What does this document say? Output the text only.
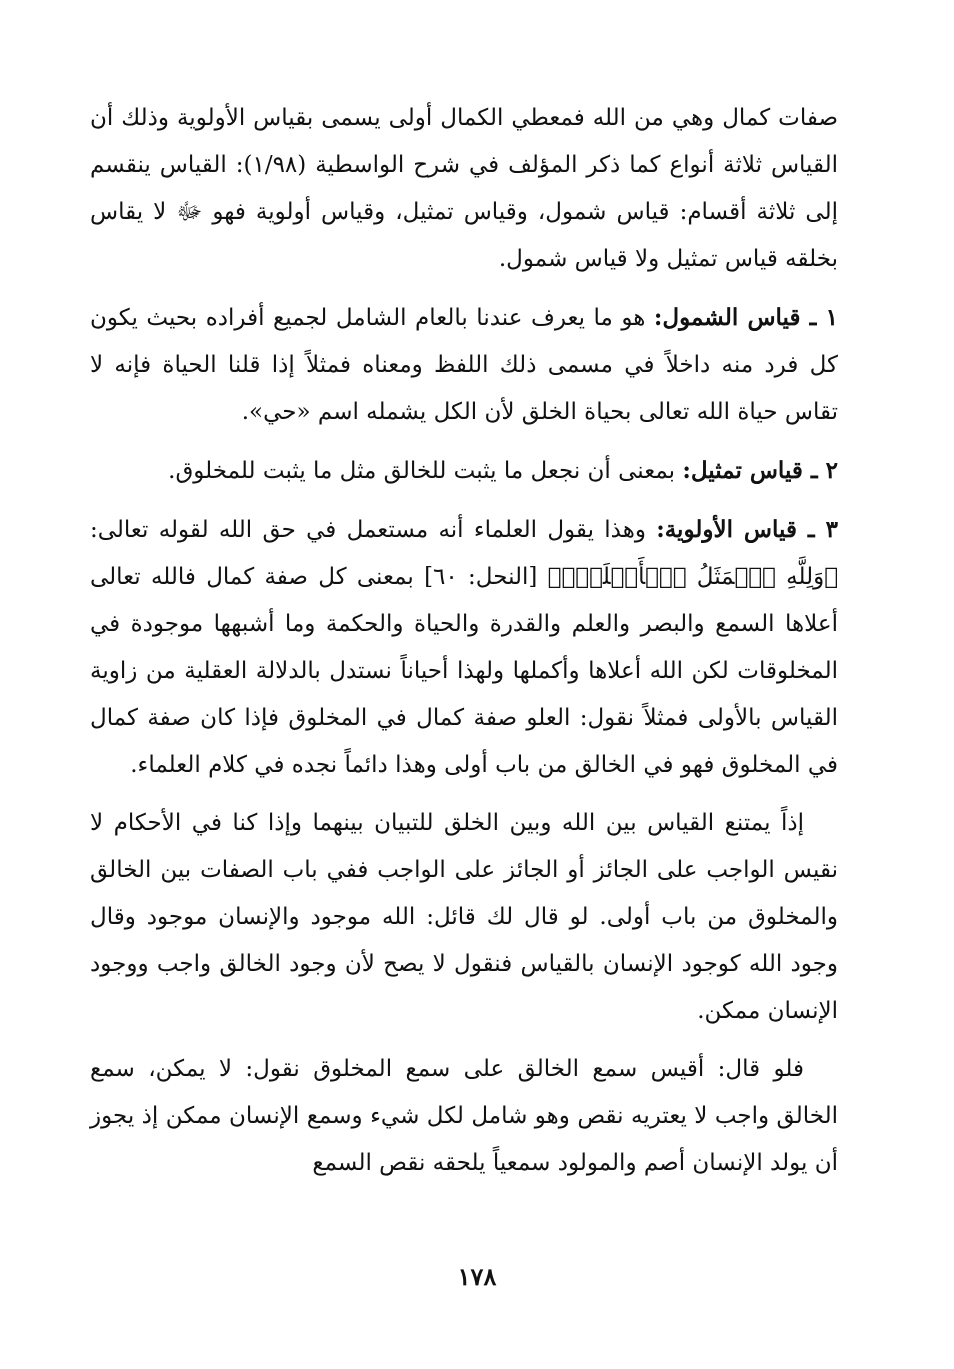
صفات كمال وهي من الله فمعطي الكمال أولى يسمى بقياس الأولوية وذلك أن القياس ثلاثة أنواع كما ذكر المؤلف في شرح الواسطية (١/٩٨): القياس ينقسم إلى ثلاثة أقسام: قياس شمول، وقياس تمثيل، وقياس أولوية فهو ﷻ لا يقاس بخلقه قياس تمثيل ولا قياس شمول.

١ ـ قياس الشمول: هو ما يعرف عندنا بالعام الشامل لجميع أفراده بحيث يكون كل فرد منه داخلاً في مسمى ذلك اللفظ ومعناه فمثلاً إذا قلنا الحياة فإنه لا تقاس حياة الله تعالى بحياة الخلق لأن الكل يشمله اسم «حي».

٢ ـ قياس تمثيل: بمعنى أن نجعل ما يثبت للخالق مثل ما يثبت للمخلوق.

٣ ـ قياس الأولوية: وهذا يقول العلماء أنه مستعمل في حق الله لقوله تعالى: ﴿وَلِلَّهِ ٱلۡمَثَلُ ٱلۡأَعۡلَىٰۚ﴾ [النحل: ٦٠] بمعنى كل صفة كمال فالله تعالى أعلاها السمع والبصر والعلم والقدرة والحياة والحكمة وما أشبهها موجودة في المخلوقات لكن الله أعلاها وأكملها ولهذا أحياناً نستدل بالدلالة العقلية من زاوية القياس بالأولى فمثلاً نقول: العلو صفة كمال في المخلوق فإذا كان صفة كمال في المخلوق فهو في الخالق من باب أولى وهذا دائماً نجده في كلام العلماء.

إذاً يمتنع القياس بين الله وبين الخلق للتبيان بينهما وإذا كنا في الأحكام لا نقيس الواجب على الجائز أو الجائز على الواجب ففي باب الصفات بين الخالق والمخلوق من باب أولى. لو قال لك قائل: الله موجود والإنسان موجود وقال وجود الله كوجود الإنسان بالقياس فنقول لا يصح لأن وجود الخالق واجب ووجود الإنسان ممكن.

فلو قال: أقيس سمع الخالق على سمع المخلوق نقول: لا يمكن، سمع الخالق واجب لا يعتريه نقص وهو شامل لكل شيء وسمع الإنسان ممكن إذ يجوز أن يولد الإنسان أصم والمولود سمعياً يلحقه نقص السمع

١٧٨
